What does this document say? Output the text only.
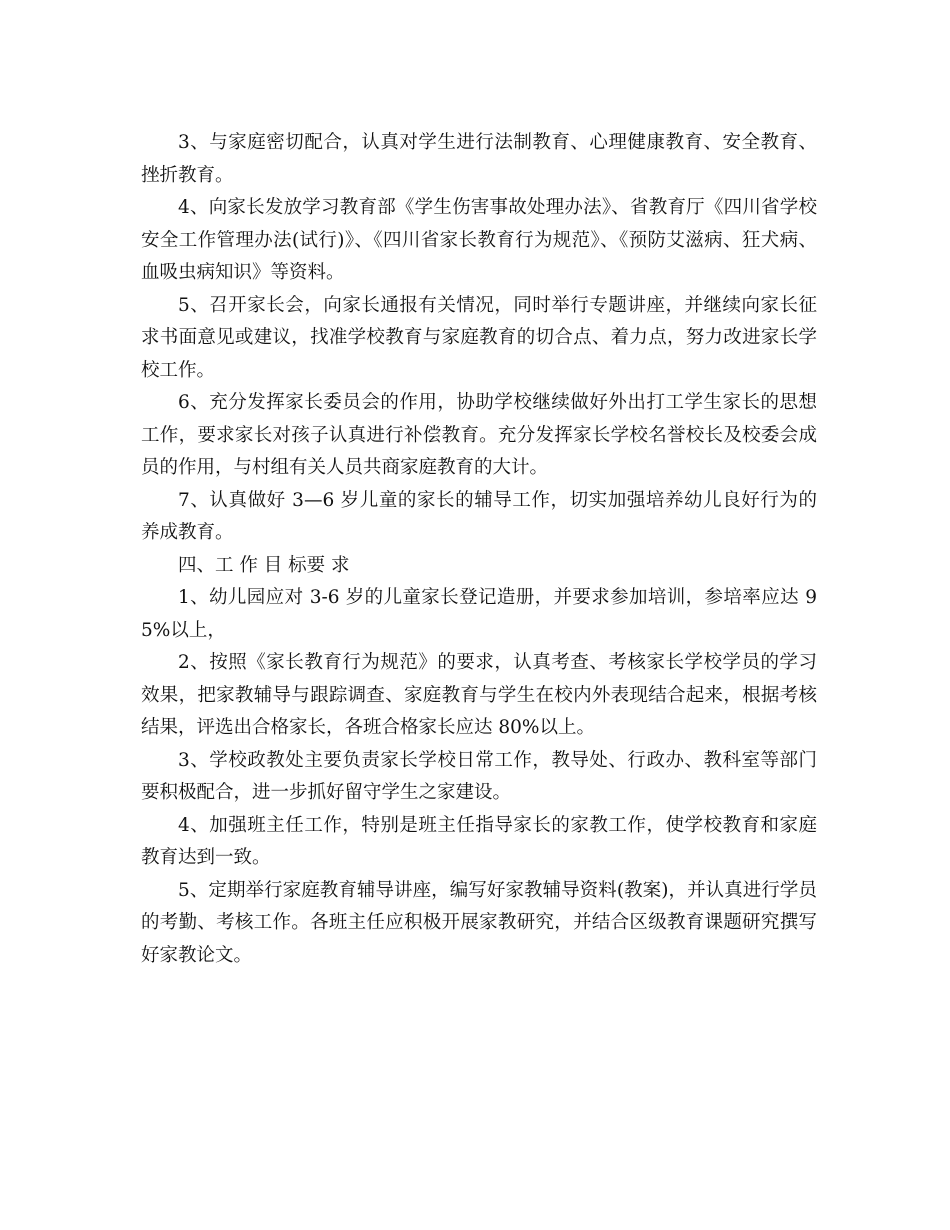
3、与家庭密切配合，认真对学生进行法制教育、心理健康教育、安全教育、挫折教育。

4、向家长发放学习教育部《学生伤害事故处理办法》、省教育厅《四川省学校安全工作管理办法(试行)》、《四川省家长教育行为规范》、《预防艾滋病、狂犬病、血吸虫病知识》等资料。

5、召开家长会，向家长通报有关情况，同时举行专题讲座，并继续向家长征求书面意见或建议，找准学校教育与家庭教育的切合点、着力点，努力改进家长学校工作。

6、充分发挥家长委员会的作用，协助学校继续做好外出打工学生家长的思想工作，要求家长对孩子认真进行补偿教育。充分发挥家长学校名誉校长及校委会成员的作用，与村组有关人员共商家庭教育的大计。

7、认真做好 3—6 岁儿童的家长的辅导工作，切实加强培养幼儿良好行为的养成教育。

四、工 作 目 标要 求

1、幼儿园应对 3-6 岁的儿童家长登记造册，并要求参加培训，参培率应达 95%以上，

2、按照《家长教育行为规范》的要求，认真考查、考核家长学校学员的学习效果，把家教辅导与跟踪调查、家庭教育与学生在校内外表现结合起来，根据考核结果，评选出合格家长，各班合格家长应达 80%以上。

3、学校政教处主要负责家长学校日常工作，教导处、行政办、教科室等部门要积极配合，进一步抓好留守学生之家建设。

4、加强班主任工作，特别是班主任指导家长的家教工作，使学校教育和家庭教育达到一致。

5、定期举行家庭教育辅导讲座，编写好家教辅导资料(教案)，并认真进行学员的考勤、考核工作。各班主任应积极开展家教研究，并结合区级教育课题研究撰写好家教论文。
